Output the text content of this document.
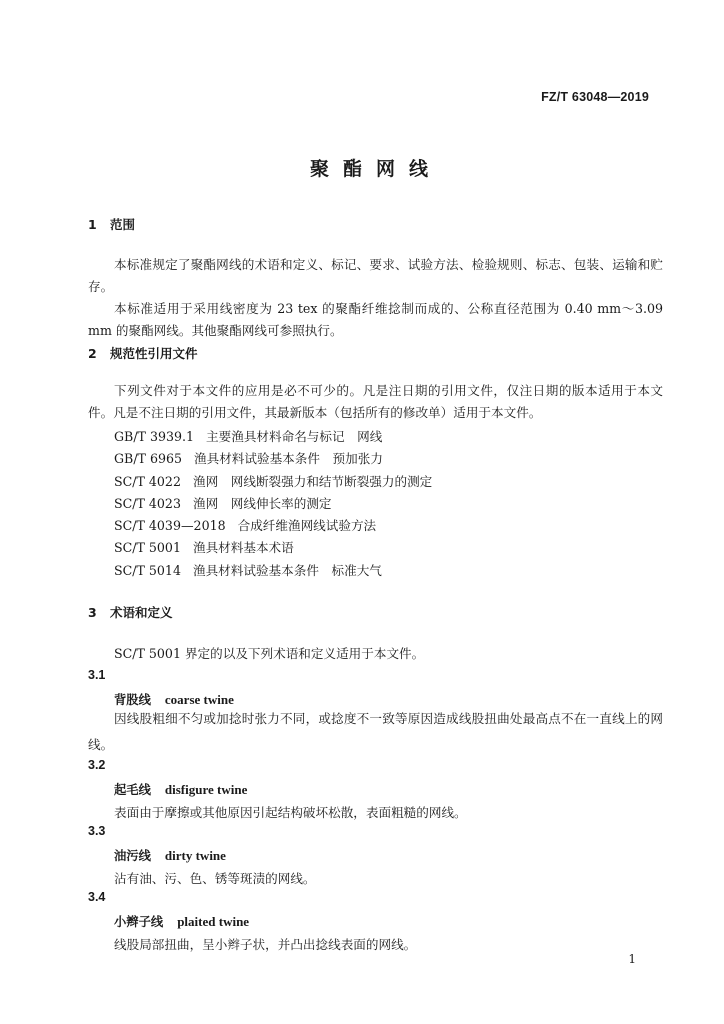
FZ/T 63048—2019
聚酯网线
1 范围

本标准规定了聚酯网线的术语和定义、标记、要求、试验方法、检验规则、标志、包装、运输和贮存。

本标准适用于采用线密度为 23 tex 的聚酯纤维捻制而成的、公称直径范围为 0.40 mm～3.09 mm 的聚酯网线。其他聚酯网线可参照执行。

2 规范性引用文件

下列文件对于本文件的应用是必不可少的。凡是注日期的引用文件，仅注日期的版本适用于本文件。凡是不注日期的引用文件，其最新版本（包括所有的修改单）适用于本文件。

GB/T 3939.1 主要渔具材料命名与标记　网线
GB/T 6965 渔具材料试验基本条件　预加张力
SC/T 4022 渔网　网线断裂强力和结节断裂强力的测定
SC/T 4023 渔网　网线伸长率的测定
SC/T 4039—2018 合成纤维渔网线试验方法
SC/T 5001 渔具材料基本术语
SC/T 5014 渔具材料试验基本条件　标准大气
3 术语和定义
SC/T 5001 界定的以及下列术语和定义适用于本文件。
3.1
背股线 coarse twine
因线股粗细不匀或加捻时张力不同，或捻度不一致等原因造成线股扭曲处最高点不在一直线上的网线。
3.2
起毛线 disfigure twine
表面由于摩擦或其他原因引起结构破坏松散，表面粗糙的网线。
3.3
油污线 dirty twine
沾有油、污、色、锈等斑渍的网线。
3.4
小辫子线 plaited twine
线股局部扭曲，呈小辫子状，并凸出捻线表面的网线。
1
